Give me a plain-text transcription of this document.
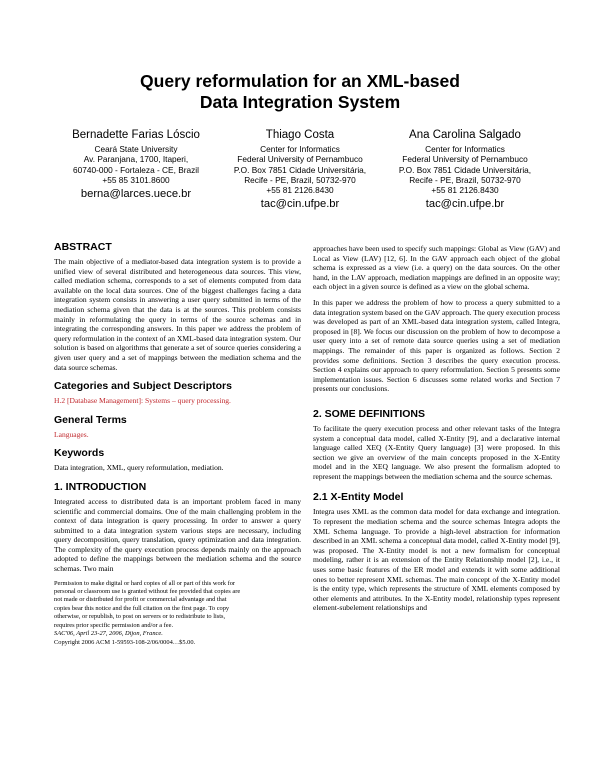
Query reformulation for an XML-based
Data Integration System
Bernadette Farias Lóscio
Ceará State University
Av. Paranjana, 1700, Itaperi,
60740-000 - Fortaleza - CE, Brazil
+55 85 3101.8600
berna@larces.uece.br
Thiago Costa
Center for Informatics
Federal University of Pernambuco
P.O. Box 7851 Cidade Universitária,
Recife - PE, Brazil, 50732-970
+55 81 2126.8430
tac@cin.ufpe.br
Ana Carolina Salgado
Center for Informatics
Federal University of Pernambuco
P.O. Box 7851 Cidade Universitária,
Recife - PE, Brazil, 50732-970
+55 81 2126.8430
tac@cin.ufpe.br
ABSTRACT

The main objective of a mediator-based data integration system is to provide a unified view of several distributed and heterogeneous data sources. This view, called mediation schema, corresponds to a set of elements computed from data available on the local data sources. One of the biggest challenges facing a data integration system consists in answering a user query submitted in terms of the mediation schema given that the data is at the sources. This problem consists mainly in reformulating the query in terms of the source schemas and in integrating the corresponding answers. In this paper we address the problem of query reformulation in the context of an XML-based data integration system. Our solution is based on algorithms that generate a set of source queries considering a given user query and a set of mappings between the mediation schema and the data source schemas.

Categories and Subject Descriptors

H.2 [Database Management]: Systems – query processing.

General Terms

Languages.

Keywords

Data integration, XML, query reformulation, mediation.

1. INTRODUCTION

Integrated access to distributed data is an important problem faced in many scientific and commercial domains. One of the main challenging problem in the context of data integration is query processing. In order to answer a query submitted to a data integration system various steps are necessary, including query decomposition, query translation, query optimization and data integration. The complexity of the query execution process depends mainly on the approach adopted to define the mappings between the mediation schema and the source schemas. Two main

Permission to make digital or hard copies of all or part of this work for
personal or classroom use is granted without fee provided that copies are
not made or distributed for profit or commercial advantage and that
copies bear this notice and the full citation on the first page. To copy
otherwise, or republish, to post on servers or to redistribute to lists,
requires prior specific permission and/or a fee.
SAC'06, April 23-27, 2006, Dijon, France.
Copyright 2006 ACM 1-59593-108-2/06/0004…$5.00.

approaches have been used to specify such mappings: Global as View (GAV) and Local as View (LAV) [12, 6]. In the GAV approach each object of the global schema is expressed as a view (i.e. a query) on the data sources. On the other hand, in the LAV approach, mediation mappings are defined in an opposite way; each object in a given source is defined as a view on the global schema.

In this paper we address the problem of how to process a query submitted to a data integration system based on the GAV approach. The query execution process was developed as part of an XML-based data integration system, called Integra, proposed in [8]. We focus our discussion on the problem of how to decompose a user query into a set of remote data source queries using a set of mediation mappings. The remainder of this paper is organized as follows. Section 2 provides some definitions. Section 3 describes the query execution process. Section 4 explains our approach to query reformulation. Section 5 presents some implementation issues. Section 6 discusses some related works and Section 7 presents our conclusions.

2. SOME DEFINITIONS

To facilitate the query execution process and other relevant tasks of the Integra system a conceptual data model, called X-Entity [9], and a declarative internal language called XEQ (X-Entity Query language) [3] were proposed. In this section we give an overview of the main concepts proposed in the X-Entity model and in the XEQ language. We also present the formalism adopted to represent the mappings between the mediation schema and the source schemas.

2.1 X-Entity Model

Integra uses XML as the common data model for data exchange and integration. To represent the mediation schema and the source schemas Integra adopts the XML Schema language. To provide a high-level abstraction for information described in an XML schema a conceptual data model, called X-Entity model [9], was proposed. The X-Entity model is not a new formalism for conceptual modeling, rather it is an extension of the Entity Relationship model [2], i.e., it uses some basic features of the ER model and extends it with some additional ones to better represent XML schemas. The main concept of the X-Entity model is the entity type, which represents the structure of XML elements composed by other elements and attributes. In the X-Entity model, relationship types represent element-subelement relationships and
